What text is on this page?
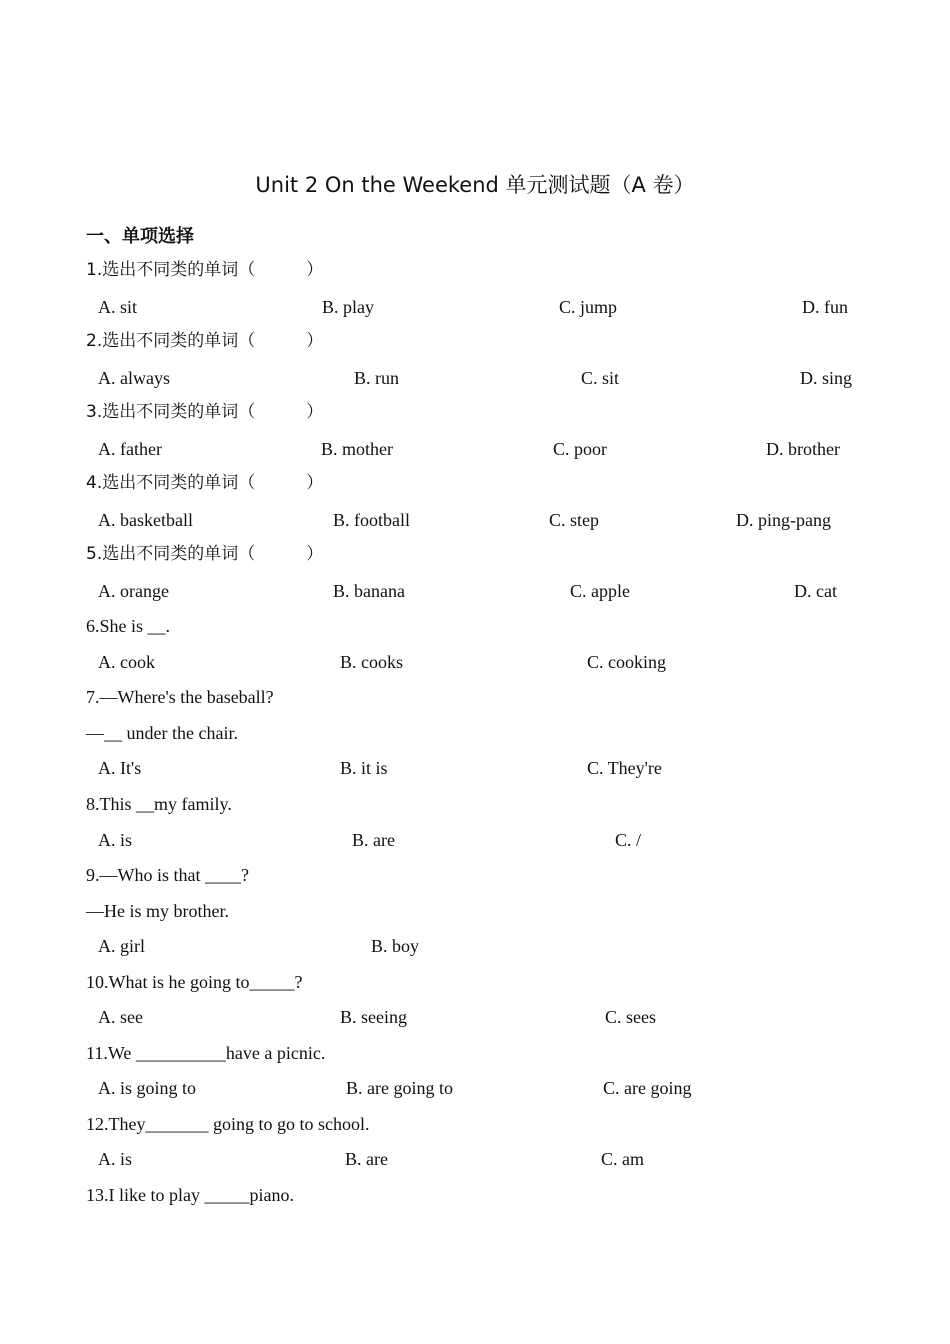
Unit 2 On the Weekend 单元测试题（A 卷）
一、单项选择
1.选出不同类的单词（　　　）
A. sit	B. play	C. jump	D. fun
2.选出不同类的单词（　　　）
A. always	B. run	C. sit	D. sing
3.选出不同类的单词（　　　）
A. father	B. mother	C. poor	D. brother
4.选出不同类的单词（　　　）
A. basketball	B. football	C. step	D. ping-pang
5.选出不同类的单词（　　　）
A. orange	B. banana	C. apple	D. cat
6.She is __.
A. cook	B. cooks	C. cooking
7.—Where's the baseball?
—__ under the chair.
A. It's	B. it is	C. They're
8.This __my family.
A. is	B. are	C. /
9.—Who is that ____?
—He is my brother.
A. girl	B. boy
10.What is he going to_____?
A. see	B. seeing	C. sees
11.We __________have a picnic.
A. is going to	B. are going to	C. are going
12.They_______ going to go to school.
A. is	B. are	C. am
13.I like to play _____piano.
